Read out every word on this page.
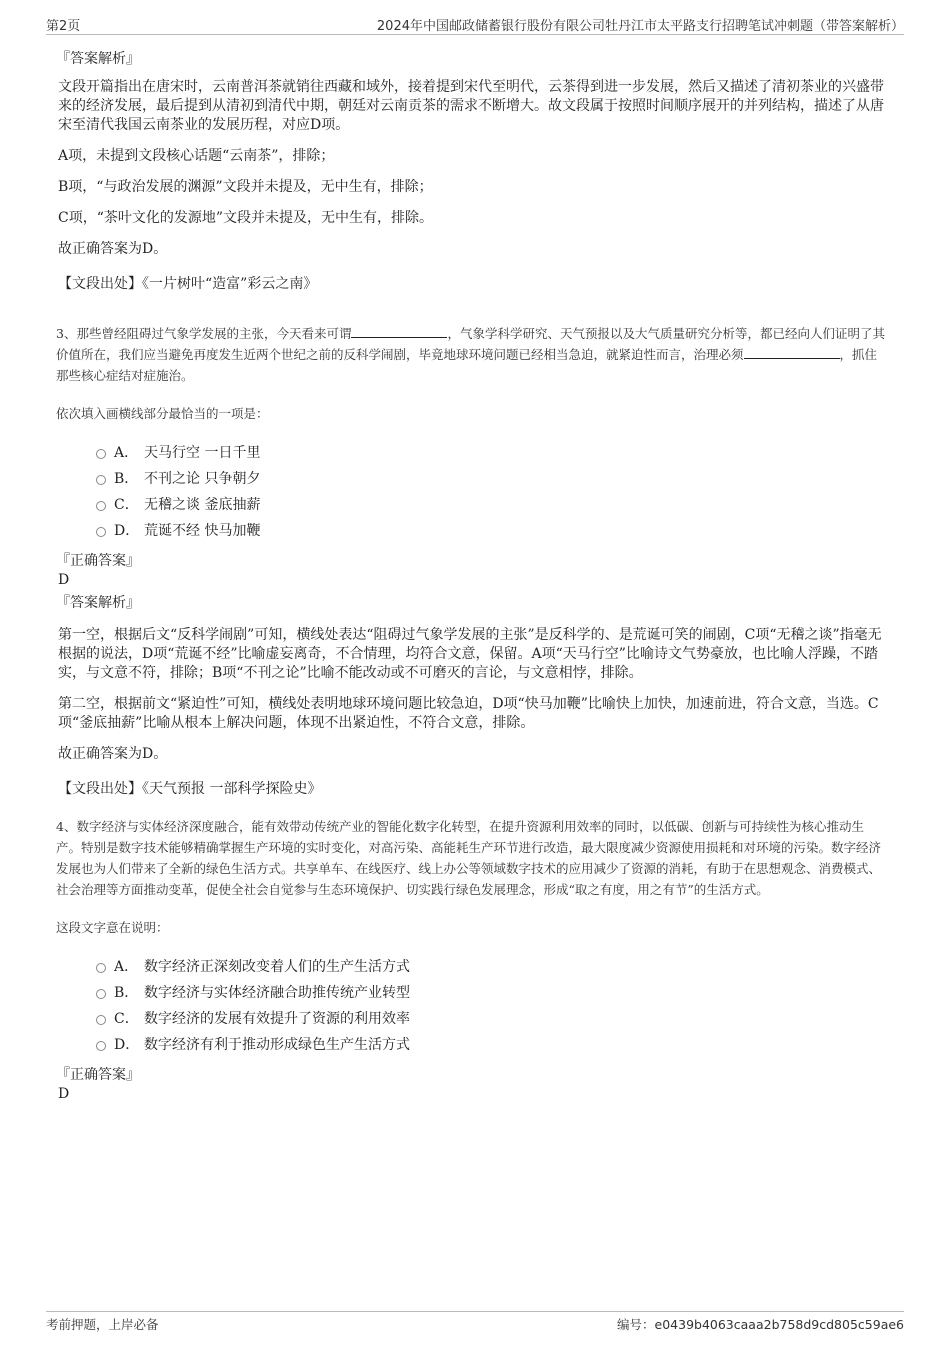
第2页	2024年中国邮政储蓄银行股份有限公司牡丹江市太平路支行招聘笔试冲刺题（带答案解析）
『答案解析』
文段开篇指出在唐宋时，云南普洱茶就销往西藏和域外，接着提到宋代至明代，云茶得到进一步发展，然后又描述了清初茶业的兴盛带来的经济发展，最后提到从清初到清代中期，朝廷对云南贡茶的需求不断增大。故文段属于按照时间顺序展开的并列结构，描述了从唐宋至清代我国云南茶业的发展历程，对应D项。
A项，未提到文段核心话题“云南茶”，排除；
B项，“与政治发展的渊源”文段并未提及，无中生有，排除；
C项，“茶叶文化的发源地”文段并未提及，无中生有，排除。
故正确答案为D。
【文段出处】《一片树叶“造富”彩云之南》
3、那些曾经阻碍过气象学发展的主张，今天看来可谓	，气象学科学研究、天气预报以及大气质量研究分析等，都已经向人们证明了其价值所在，我们应当避免再度发生近两个世纪之前的反科学闹剧，毕竟地球环境问题已经相当急迫，就紧迫性而言，治理必须	，抓住那些核心症结对症施治。
依次填入画横线部分最恰当的一项是：
A． 天马行空 一日千里
B． 不刊之论 只争朝夕
C． 无稽之谈 釜底抽薪
D． 荒诞不经 快马加鞭
『正确答案』
D
『答案解析』
第一空，根据后文“反科学闹剧”可知，横线处表达“阻碍过气象学发展的主张”是反科学的、是荒诞可笑的闹剧，C项“无稽之谈”指毫无根据的说法，D项“荒诞不经”比喻虚妄离奇，不合情理，均符合文意，保留。A项“天马行空”比喻诗文气势豪放，也比喻人浮躁，不踏实，与文意不符，排除；B项“不刊之论”比喻不能改动或不可磨灭的言论，与文意相悖，排除。
第二空，根据前文“紧迫性”可知，横线处表明地球环境问题比较急迫，D项“快马加鞭”比喻快上加快，加速前进，符合文意，当选。C项“釜底抽薪”比喻从根本上解决问题，体现不出紧迫性，不符合文意，排除。
故正确答案为D。
【文段出处】《天气预报 一部科学探险史》
4、数字经济与实体经济深度融合，能有效带动传统产业的智能化数字化转型，在提升资源利用效率的同时，以低碳、创新与可持续性为核心推动生产。特别是数字技术能够精确掌握生产环境的实时变化，对高污染、高能耗生产环节进行改造，最大限度减少资源使用损耗和对环境的污染。数字经济发展也为人们带来了全新的绿色生活方式。共享单车、在线医疗、线上办公等领域数字技术的应用减少了资源的消耗，有助于在思想观念、消费模式、社会治理等方面推动变革，促使全社会自觉参与生态环境保护、切实践行绿色发展理念，形成“取之有度，用之有节”的生活方式。
这段文字意在说明：
A． 数字经济正深刻改变着人们的生产生活方式
B． 数字经济与实体经济融合助推传统产业转型
C． 数字经济的发展有效提升了资源的利用效率
D． 数字经济有利于推动形成绿色生产生活方式
『正确答案』
D
考前押题，上岸必备	编号：e0439b4063caaa2b758d9cd805c59ae6
